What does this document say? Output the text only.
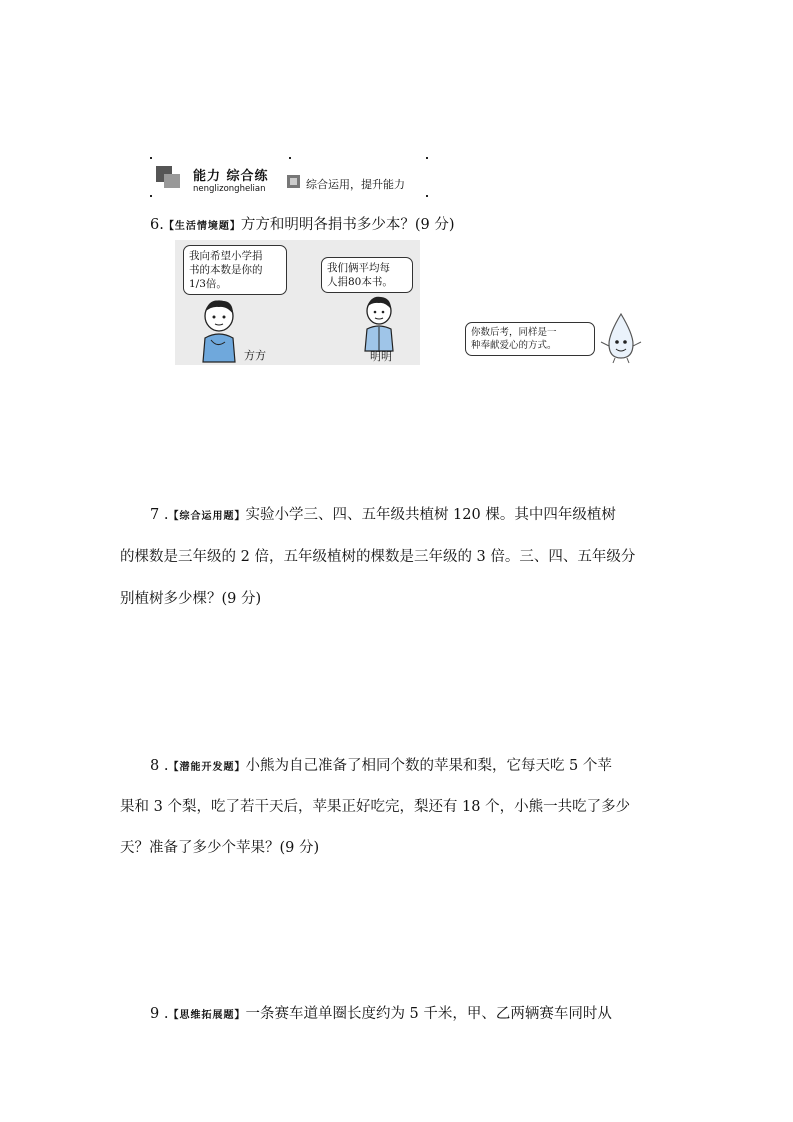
能力 综合练
nenglizonghelian	综合运用，提升能力
6.【生活情境题】方方和明明各捐书多少本？(9 分)
我向希望小学捐
书的本数是你的
1/3倍。
我们俩平均每
人捐80本书。
方方	明明
你数后考，同样是一
种奉献爱心的方式。
7 .【综合运用题】实验小学三、四、五年级共植树 120 棵。其中四年级植树
的棵数是三年级的 2 倍，五年级植树的棵数是三年级的 3 倍。三、四、五年级分
别植树多少棵？(9 分)
8 .【潜能开发题】小熊为自己准备了相同个数的苹果和梨，它每天吃 5 个苹
果和 3 个梨，吃了若干天后，苹果正好吃完，梨还有 18 个，小熊一共吃了多少
天？准备了多少个苹果？(9 分)
9 .【思维拓展题】一条赛车道单圈长度约为 5 千米，甲、乙两辆赛车同时从
